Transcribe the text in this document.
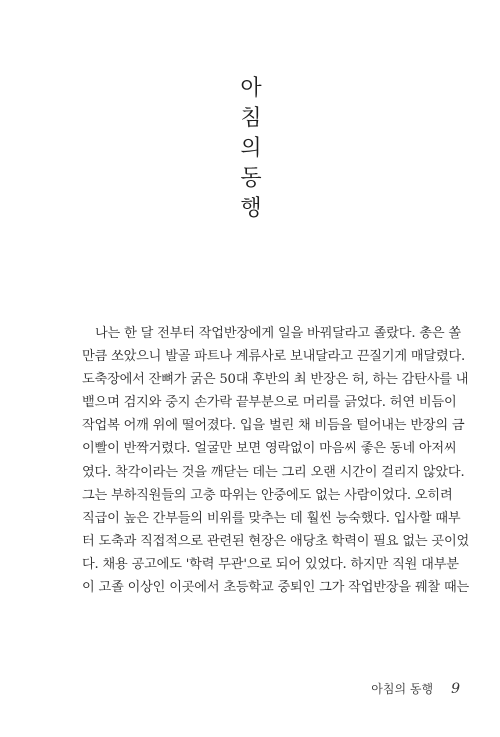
아
침
의
동
행
나는 한 달 전부터 작업반장에게 일을 바꿔달라고 졸랐다. 총은 쏠
만큼 쏘았으니 발골 파트나 계류사로 보내달라고 끈질기게 매달렸다.
도축장에서 잔뼈가 굵은 50대 후반의 최 반장은 허, 하는 감탄사를 내
뱉으며 검지와 중지 손가락 끝부분으로 머리를 긁었다. 허연 비듬이
작업복 어깨 위에 떨어졌다. 입을 벌린 채 비듬을 털어내는 반장의 금
이빨이 반짝거렸다. 얼굴만 보면 영락없이 마음씨 좋은 동네 아저씨
였다. 착각이라는 것을 깨닫는 데는 그리 오랜 시간이 걸리지 않았다.
그는 부하직원들의 고충 따위는 안중에도 없는 사람이었다. 오히려
직급이 높은 간부들의 비위를 맞추는 데 훨씬 능숙했다. 입사할 때부
터 도축과 직접적으로 관련된 현장은 애당초 학력이 필요 없는 곳이었
다. 채용 공고에도 '학력 무관'으로 되어 있었다. 하지만 직원 대부분
이 고졸 이상인 이곳에서 초등학교 중퇴인 그가 작업반장을 꿰찰 때는
아침의 동행 9
